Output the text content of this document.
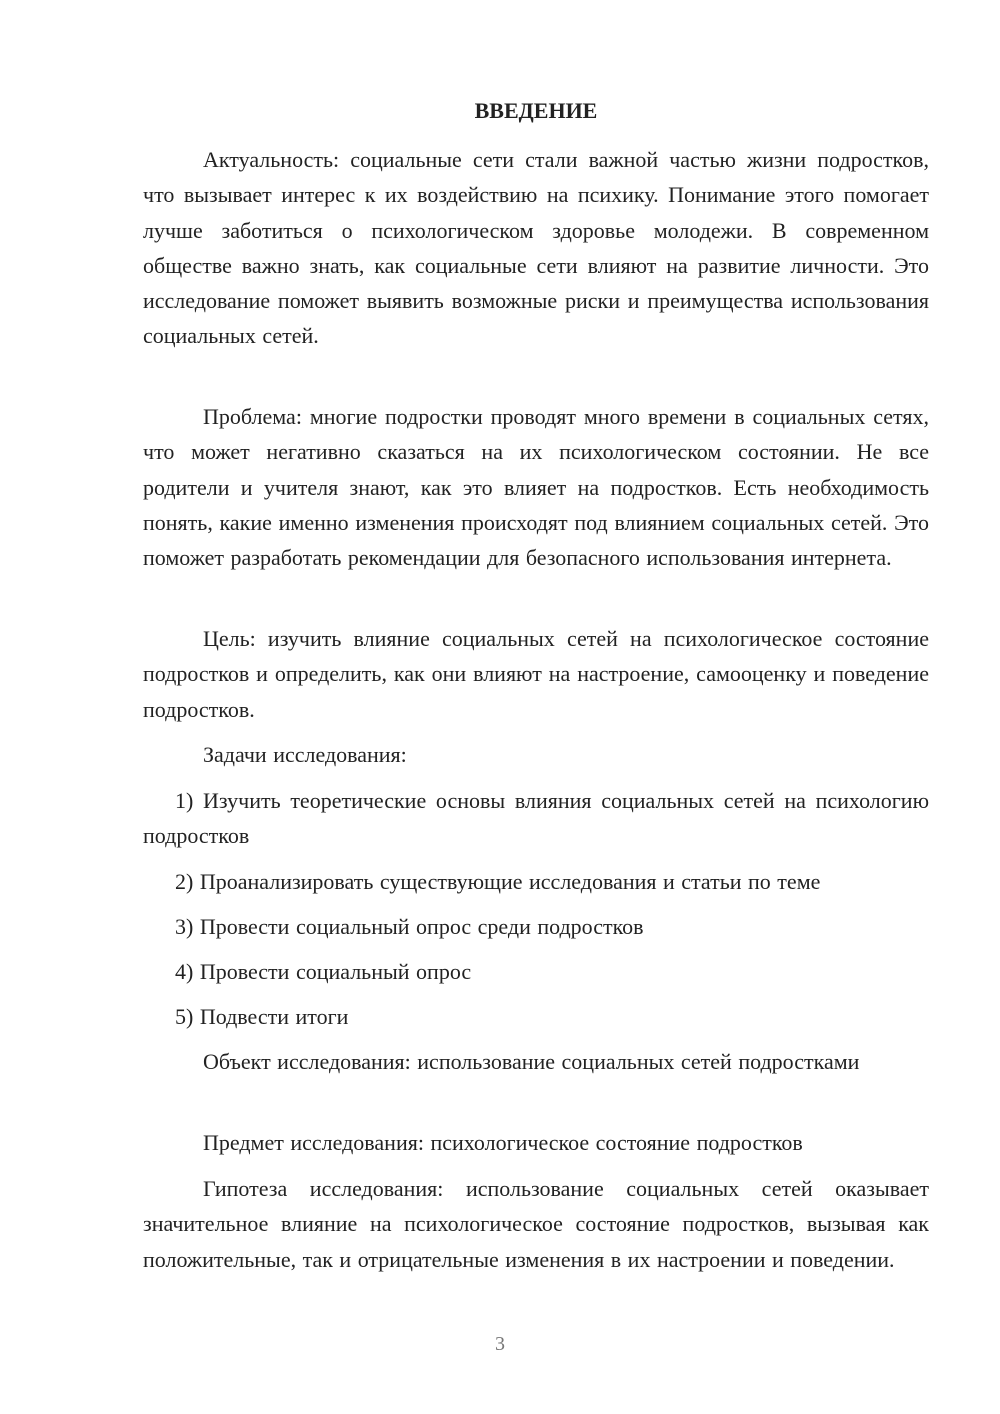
ВВЕДЕНИЕ

Актуальность: социальные сети стали важной частью жизни подростков, что вызывает интерес к их воздействию на психику. Понимание этого помогает лучше заботиться о психологическом здоровье молодежи. В современном обществе важно знать, как социальные сети влияют на развитие личности. Это исследование поможет выявить возможные риски и преимущества использования социальных сетей.

Проблема: многие подростки проводят много времени в социальных сетях, что может негативно сказаться на их психологическом состоянии. Не все родители и учителя знают, как это влияет на подростков. Есть необходимость понять, какие именно изменения происходят под влиянием социальных сетей. Это поможет разработать рекомендации для безопасного использования интернета.

Цель: изучить влияние социальных сетей на психологическое состояние подростков и определить, как они влияют на настроение, самооценку и поведение подростков.

Задачи исследования:

1) Изучить теоретические основы влияния социальных сетей на психологию подростков

2) Проанализировать существующие исследования и статьи по теме

3) Провести социальный опрос среди подростков

4) Провести социальный опрос

5) Подвести итоги

Объект исследования: использование социальных сетей подростками

Предмет исследования: психологическое состояние подростков

Гипотеза исследования: использование социальных сетей оказывает значительное влияние на психологическое состояние подростков, вызывая как положительные, так и отрицательные изменения в их настроении и поведении.

3
